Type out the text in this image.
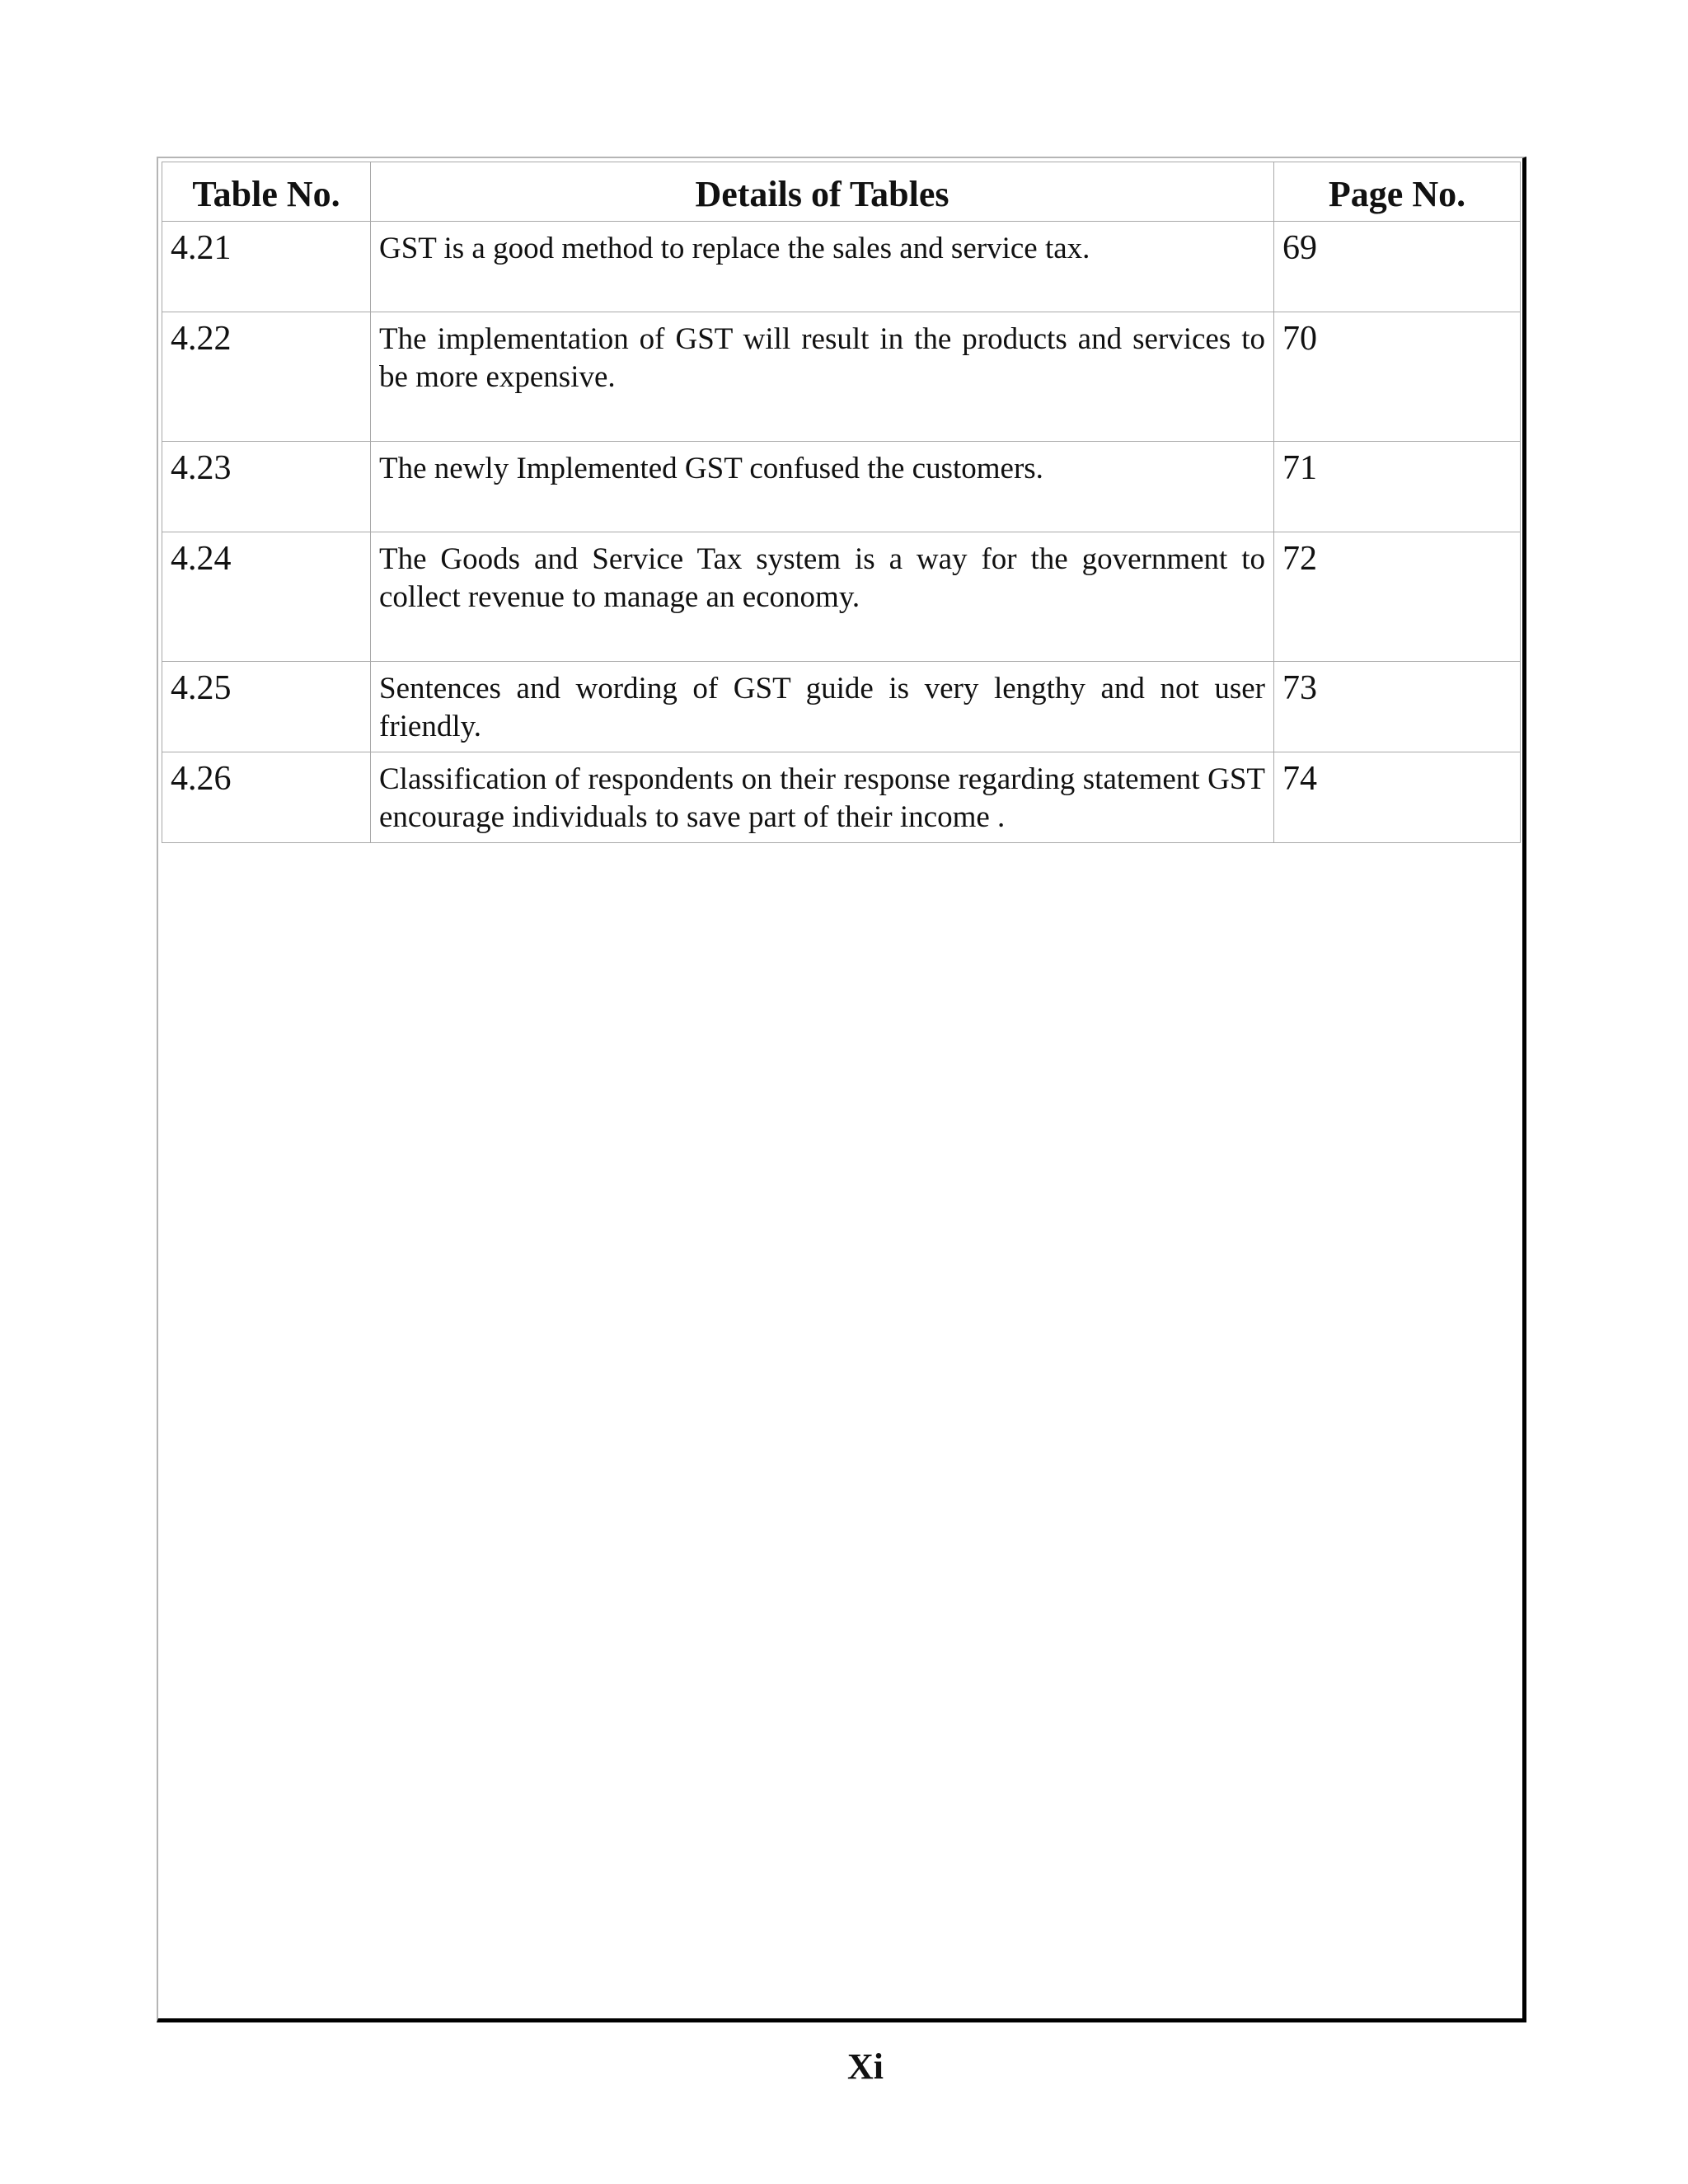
Table No.	Details of Tables	Page No.
4.21	GST is a good method to replace the sales and service tax.	69
4.22	The implementation of GST will result in the products and services to be more expensive.	70
4.23	The newly Implemented GST confused the customers.	71
4.24	The Goods and Service Tax system is a way for the government to collect revenue to manage an economy.	72
4.25	Sentences and wording of GST guide is very lengthy and not user friendly.	73
4.26	Classification of respondents on their response regarding statement GST encourage individuals to save part of their income .	74
Xi
